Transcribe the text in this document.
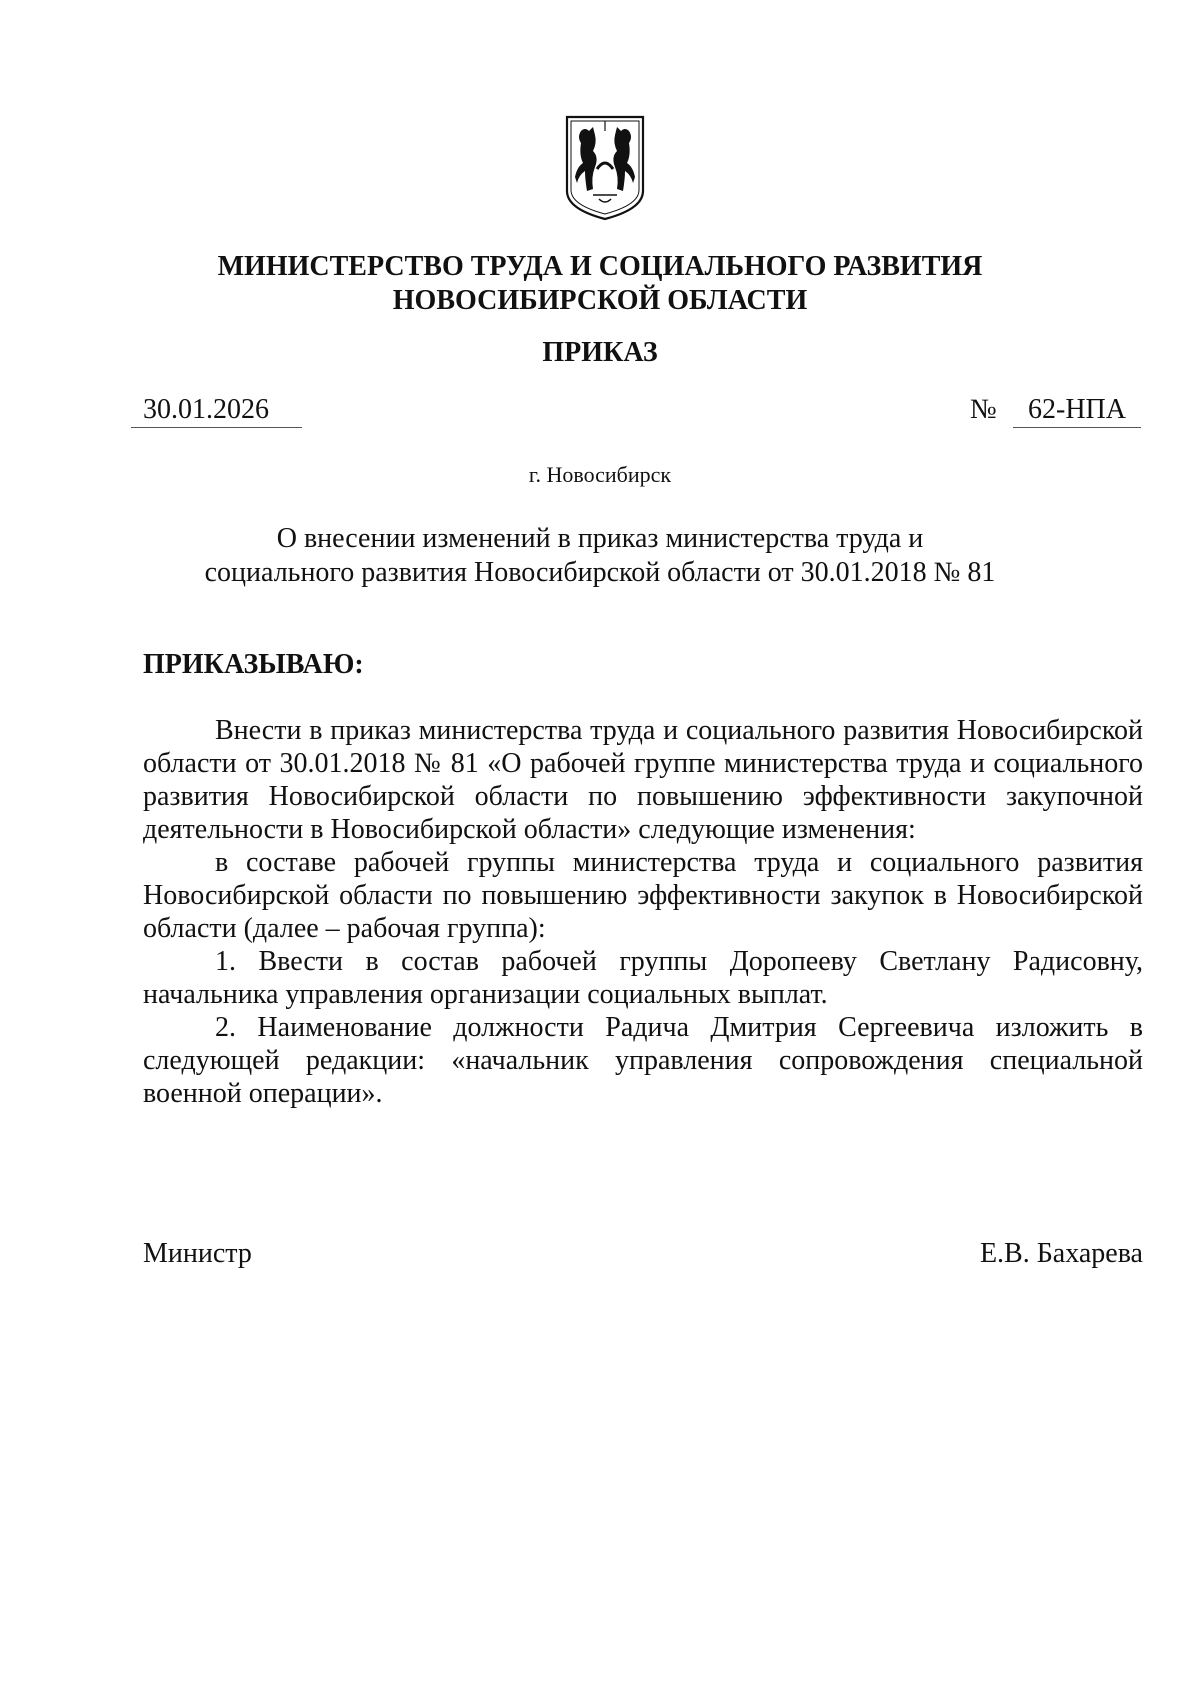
МИНИСТЕРСТВО ТРУДА И СОЦИАЛЬНОГО РАЗВИТИЯ
НОВОСИБИРСКОЙ ОБЛАСТИ
ПРИКАЗ
30.01.2026	№	62-НПА
г. Новосибирск
О внесении изменений в приказ министерства труда и
социального развития Новосибирской области от 30.01.2018 № 81
ПРИКАЗЫВАЮ:

Внести в приказ министерства труда и социального развития Новосибирской области от 30.01.2018 № 81 «О рабочей группе министерства труда и социального развития Новосибирской области по повышению эффективности закупочной деятельности в Новосибирской области» следующие изменения:

в составе рабочей группы министерства труда и социального развития Новосибирской области по повышению эффективности закупок в Новосибирской области (далее – рабочая группа):

1. Ввести в состав рабочей группы Доропееву Светлану Радисовну, начальника управления организации социальных выплат.

2. Наименование должности Радича Дмитрия Сергеевича изложить в следующей редакции: «начальник управления сопровождения специальной военной операции».

Министр	Е.В. Бахарева
